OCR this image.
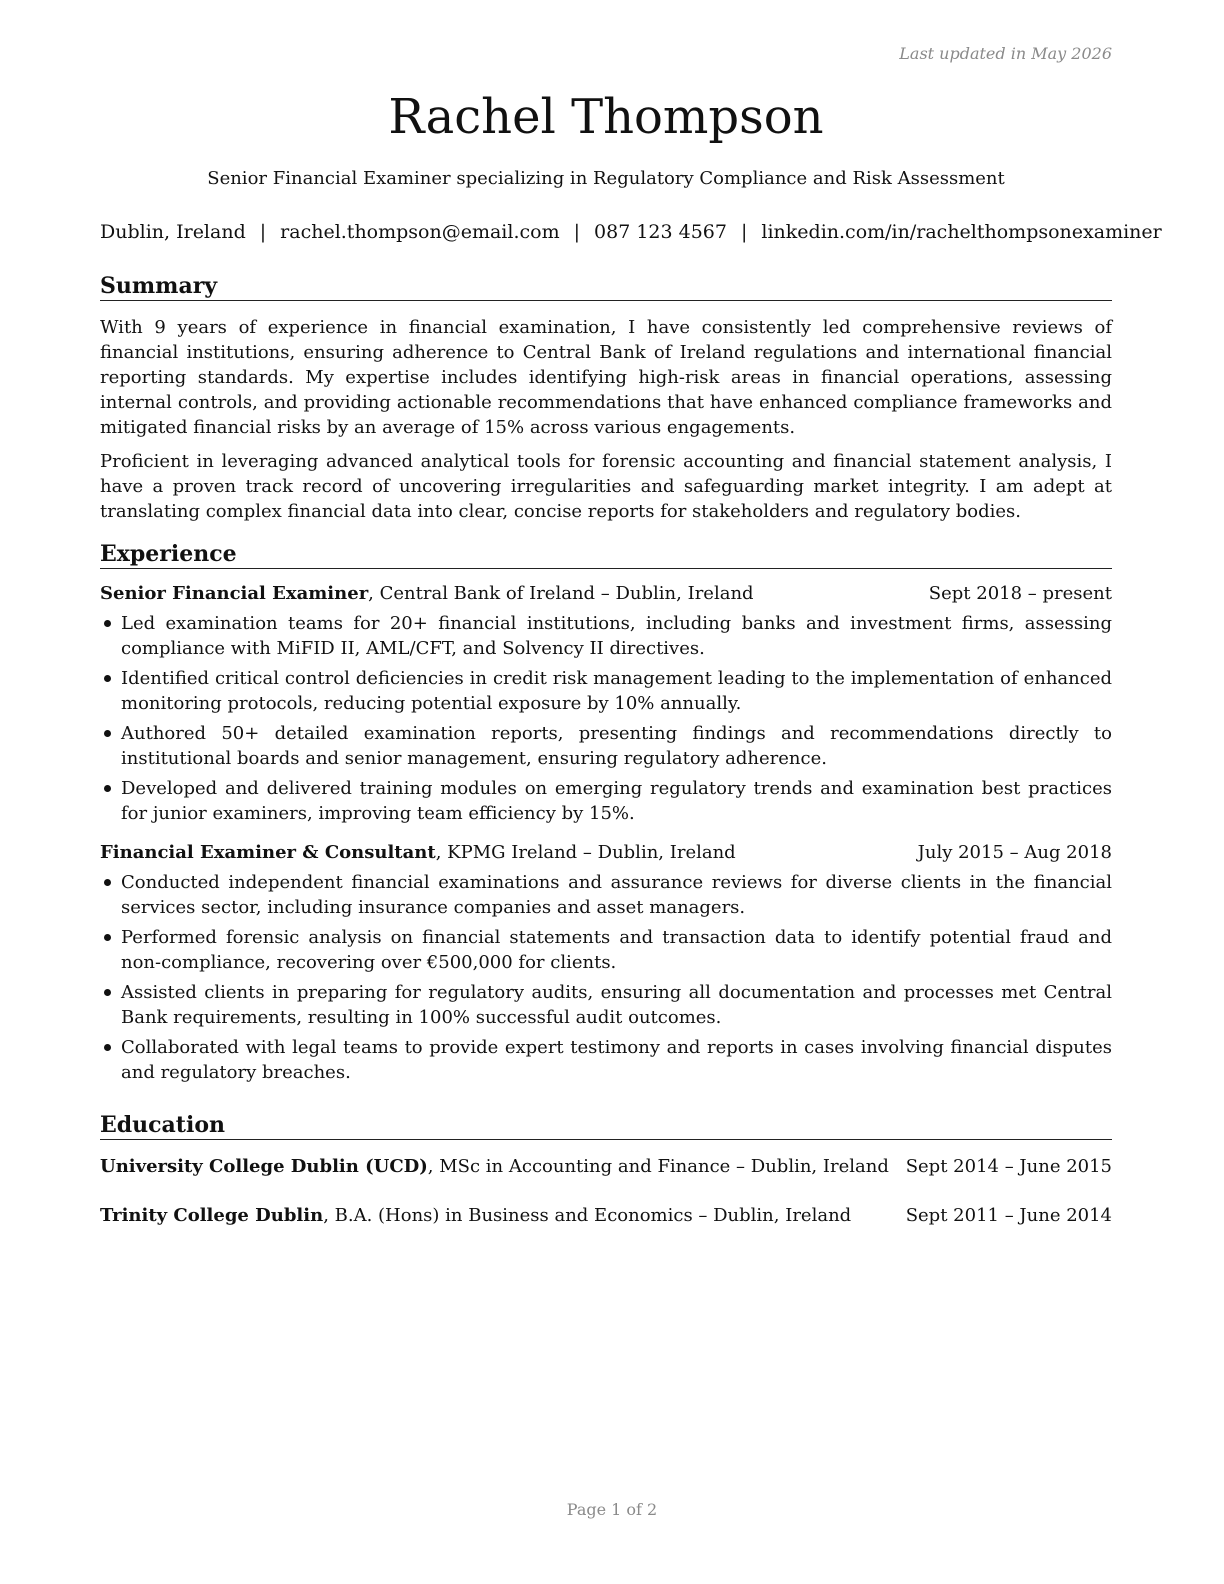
Last updated in May 2026
Rachel Thompson
Senior Financial Examiner specializing in Regulatory Compliance and Risk Assessment
Dublin, Ireland | rachel.thompson@email.com | 087 123 4567 | linkedin.com/in/rachelthompsonexaminer
Summary

With 9 years of experience in financial examination, I have consistently led comprehensive reviews of financial institutions, ensuring adherence to Central Bank of Ireland regulations and international financial reporting standards. My expertise includes identifying high-risk areas in financial operations, assessing internal controls, and providing actionable recommendations that have enhanced compliance frameworks and mitigated financial risks by an average of 15% across various engagements.

Proficient in leveraging advanced analytical tools for forensic accounting and financial statement analysis, I have a proven track record of uncovering irregularities and safeguarding market integrity. I am adept at translating complex financial data into clear, concise reports for stakeholders and regulatory bodies.

Experience
Senior Financial Examiner, Central Bank of Ireland – Dublin, Ireland	Sept 2018 – present
Led examination teams for 20+ financial institutions, including banks and investment firms, assessing compliance with MiFID II, AML/CFT, and Solvency II directives.
Identified critical control deficiencies in credit risk management leading to the implementation of enhanced monitoring protocols, reducing potential exposure by 10% annually.
Authored 50+ detailed examination reports, presenting findings and recommendations directly to institutional boards and senior management, ensuring regulatory adherence.
Developed and delivered training modules on emerging regulatory trends and examination best practices for junior examiners, improving team efficiency by 15%.
Financial Examiner & Consultant, KPMG Ireland – Dublin, Ireland	July 2015 – Aug 2018
Conducted independent financial examinations and assurance reviews for diverse clients in the financial services sector, including insurance companies and asset managers.
Performed forensic analysis on financial statements and transaction data to identify potential fraud and non-compliance, recovering over €500,000 for clients.
Assisted clients in preparing for regulatory audits, ensuring all documentation and processes met Central Bank requirements, resulting in 100% successful audit outcomes.
Collaborated with legal teams to provide expert testimony and reports in cases involving financial disputes and regulatory breaches.
Education
University College Dublin (UCD), MSc in Accounting and Finance – Dublin, Ireland Sept 2014 – June 2015
Trinity College Dublin, B.A. (Hons) in Business and Economics – Dublin, Ireland	Sept 2011 – June 2014
Page 1 of 2
